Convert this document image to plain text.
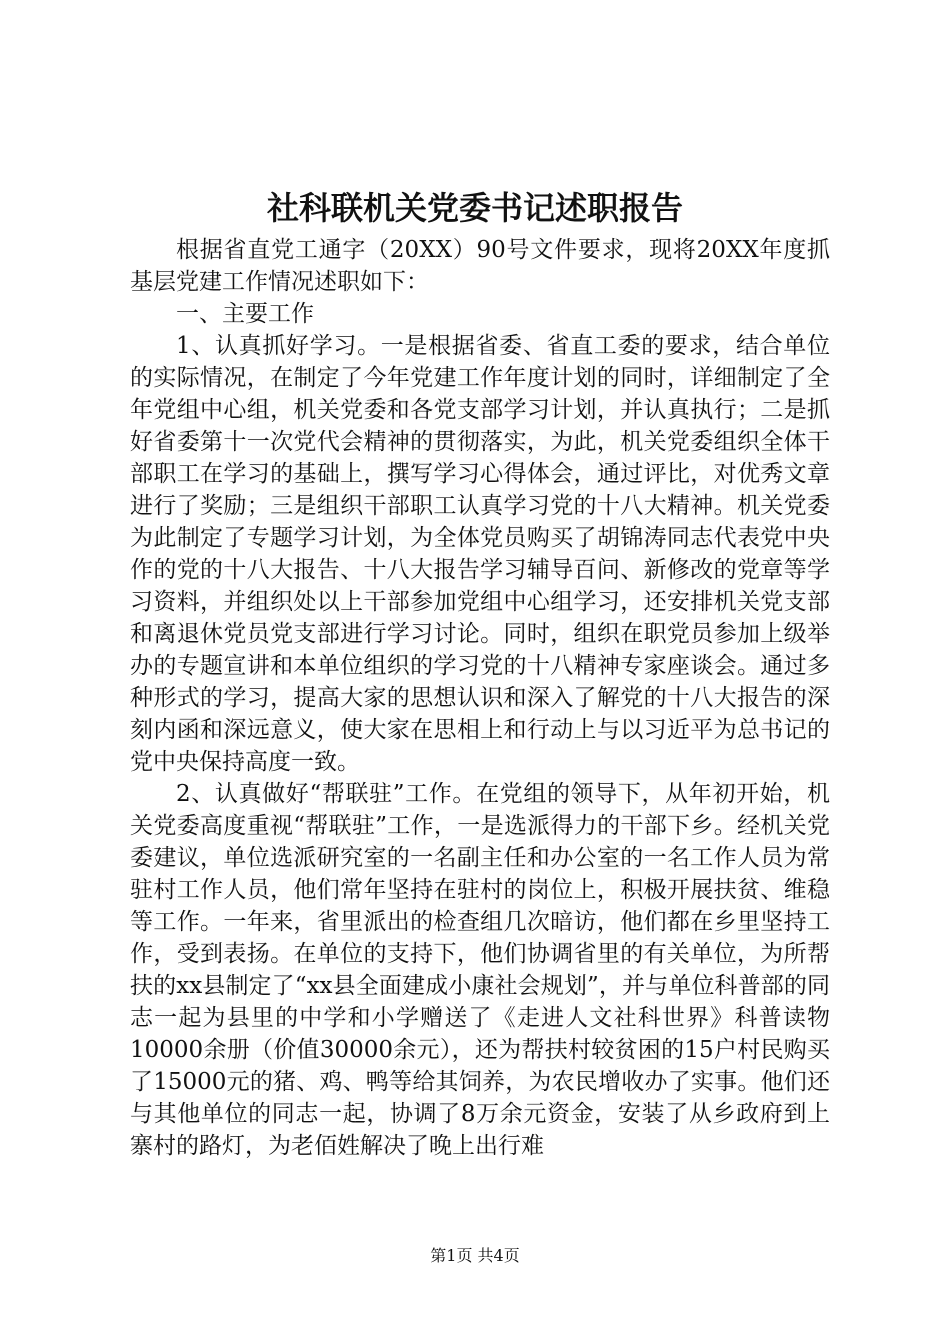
社科联机关党委书记述职报告

根据省直党工通字（20XX）90号文件要求，现将20XX年度抓基层党建工作情况述职如下：

一、主要工作

1、认真抓好学习。一是根据省委、省直工委的要求，结合单位的实际情况，在制定了今年党建工作年度计划的同时，详细制定了全年党组中心组，机关党委和各党支部学习计划，并认真执行；二是抓好省委第十一次党代会精神的贯彻落实，为此，机关党委组织全体干部职工在学习的基础上，撰写学习心得体会，通过评比，对优秀文章进行了奖励；三是组织干部职工认真学习党的十八大精神。机关党委为此制定了专题学习计划，为全体党员购买了胡锦涛同志代表党中央作的党的十八大报告、十八大报告学习辅导百问、新修改的党章等学习资料，并组织处以上干部参加党组中心组学习，还安排机关党支部和离退休党员党支部进行学习讨论。同时，组织在职党员参加上级举办的专题宣讲和本单位组织的学习党的十八精神专家座谈会。通过多种形式的学习，提高大家的思想认识和深入了解党的十八大报告的深刻内函和深远意义，使大家在思相上和行动上与以习近平为总书记的党中央保持高度一致。

2、认真做好“帮联驻”工作。在党组的领导下，从年初开始，机关党委高度重视“帮联驻”工作，一是选派得力的干部下乡。经机关党委建议，单位选派研究室的一名副主任和办公室的一名工作人员为常驻村工作人员，他们常年坚持在驻村的岗位上，积极开展扶贫、维稳等工作。一年来，省里派出的检查组几次暗访，他们都在乡里坚持工作，受到表扬。在单位的支持下，他们协调省里的有关单位，为所帮扶的xx县制定了“xx县全面建成小康社会规划”，并与单位科普部的同志一起为县里的中学和小学赠送了《走进人文社科世界》科普读物10000余册（价值30000余元），还为帮扶村较贫困的15户村民购买了15000元的猪、鸡、鸭等给其饲养，为农民增收办了实事。他们还与其他单位的同志一起，协调了8万余元资金，安装了从乡政府到上寨村的路灯，为老佰姓解决了晚上出行难

第1页 共4页
